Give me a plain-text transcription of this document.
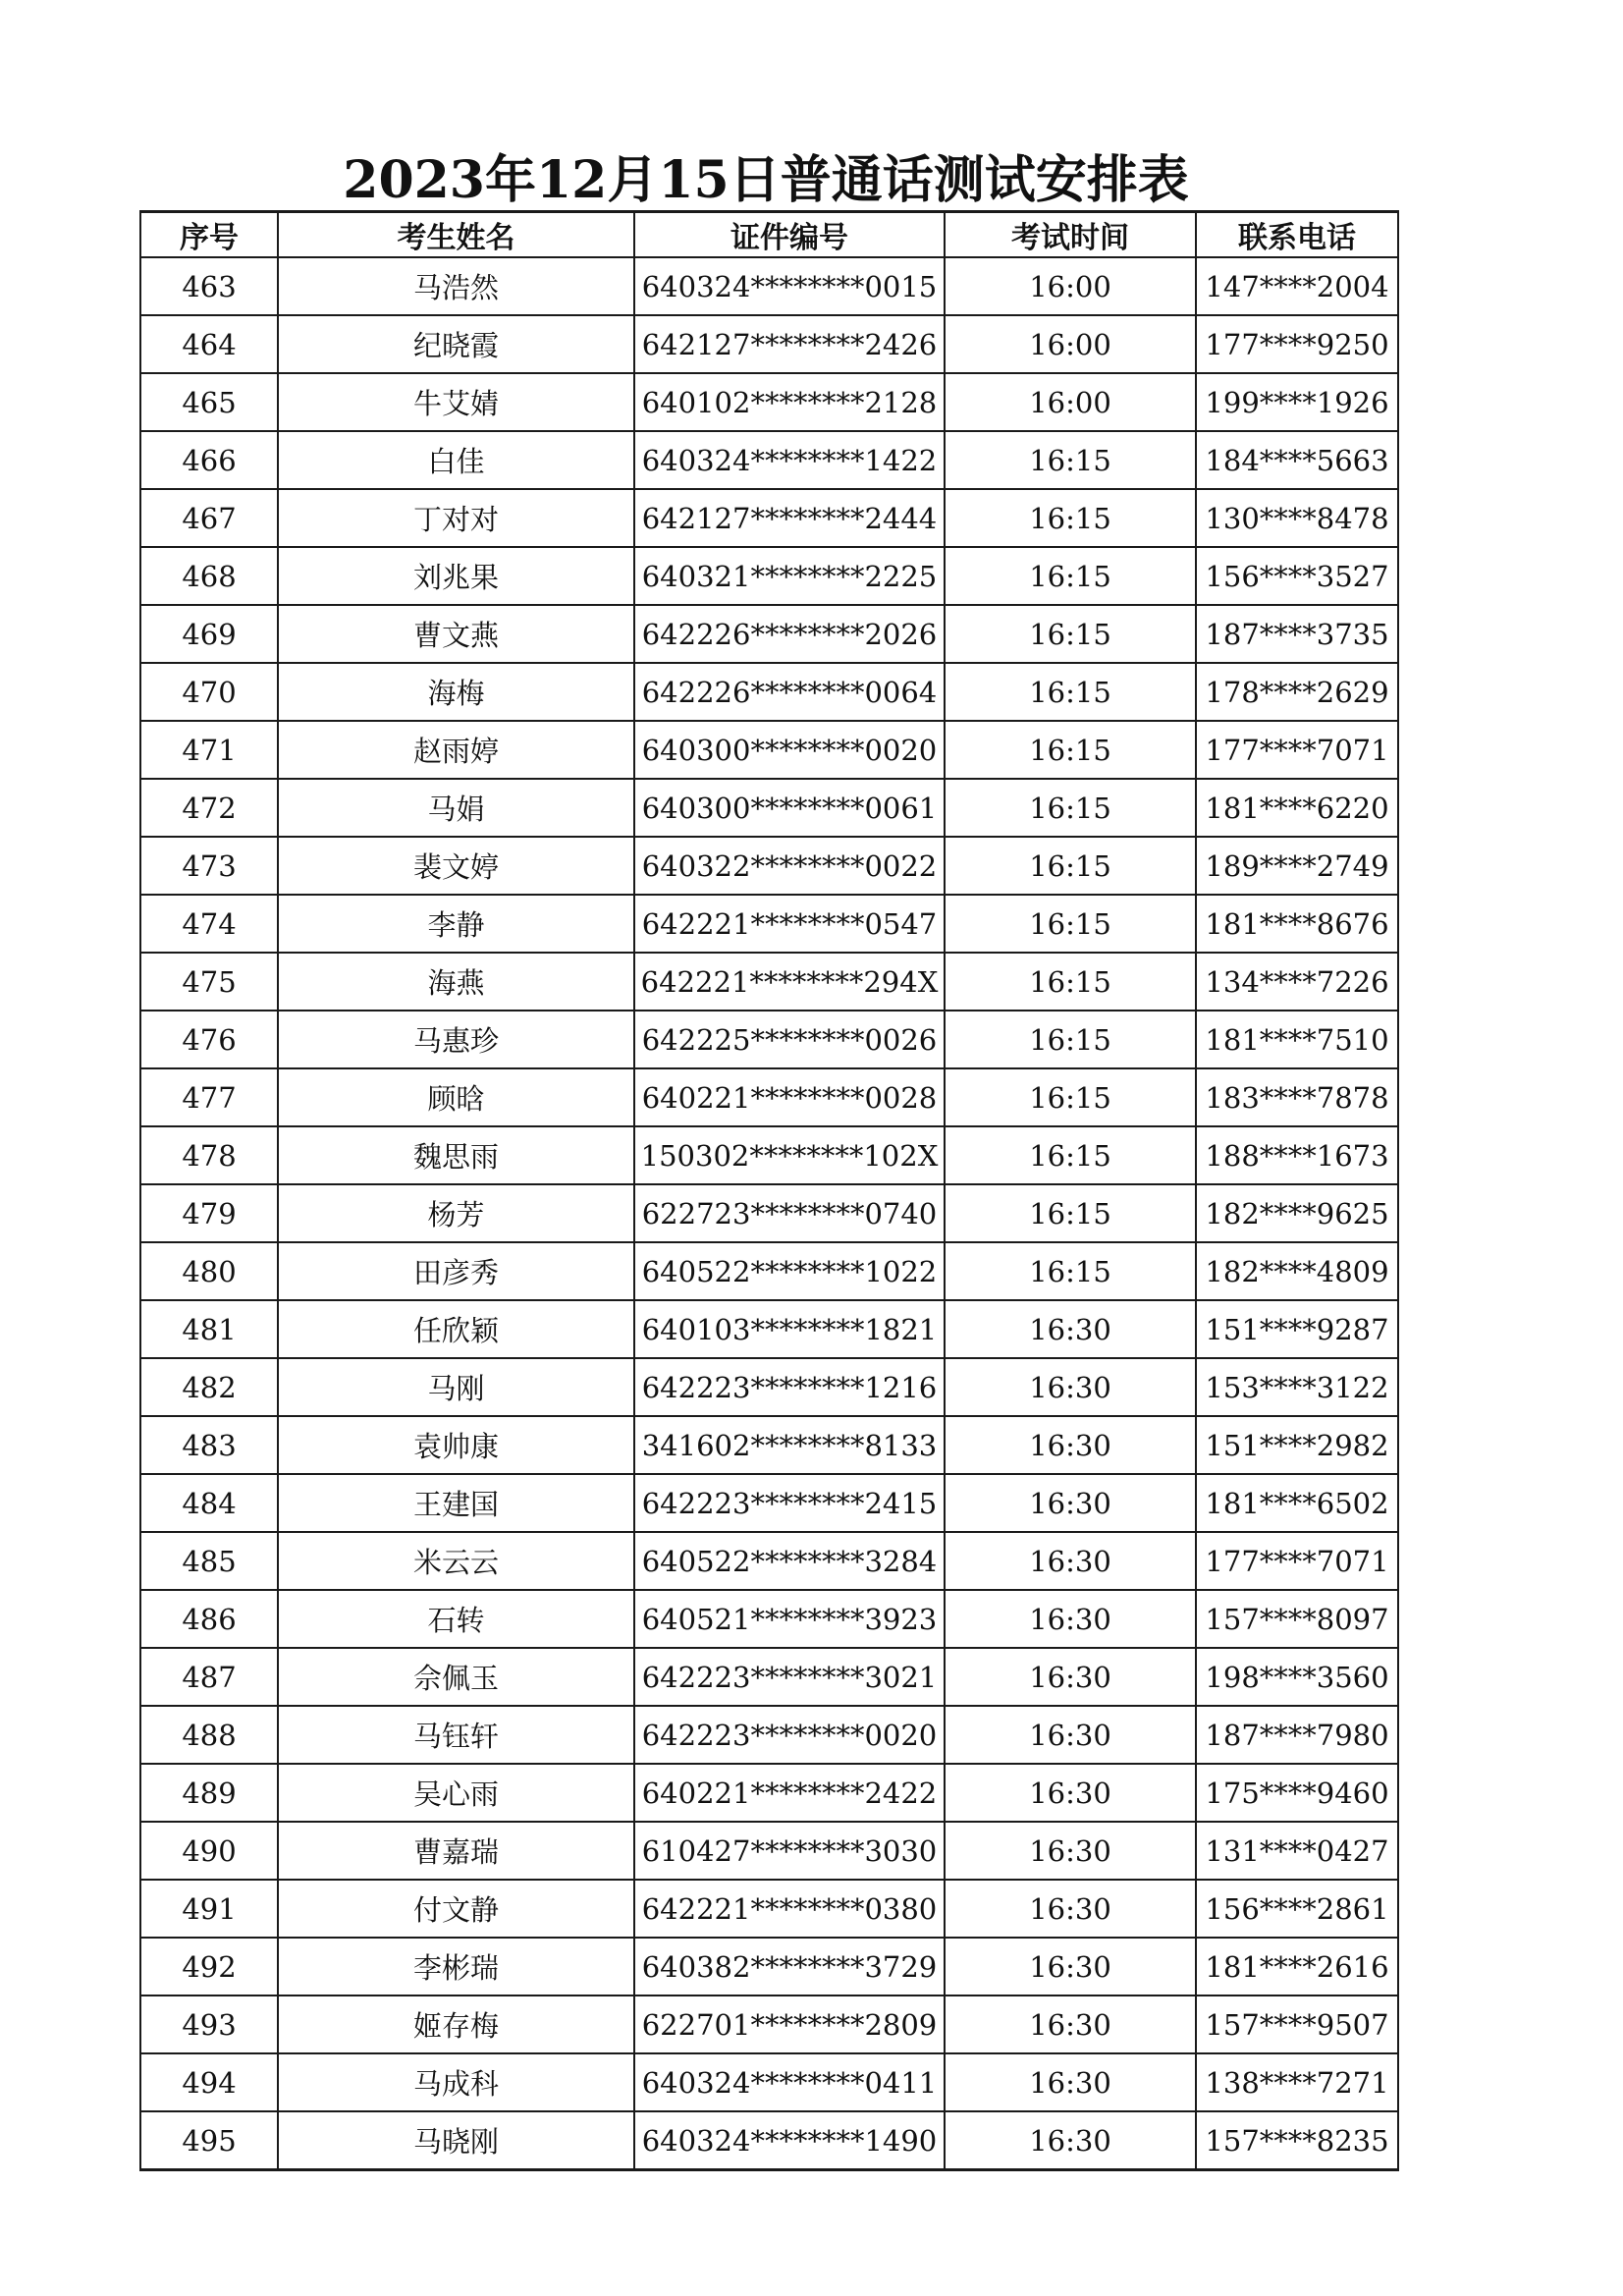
2023年12月15日普通话测试安排表
序号	考生姓名	证件编号	考试时间	联系电话
463	马浩然	640324********0015	16:00	147****2004
464	纪晓霞	642127********2426	16:00	177****9250
465	牛艾婧	640102********2128	16:00	199****1926
466	白佳	640324********1422	16:15	184****5663
467	丁对对	642127********2444	16:15	130****8478
468	刘兆果	640321********2225	16:15	156****3527
469	曹文燕	642226********2026	16:15	187****3735
470	海梅	642226********0064	16:15	178****2629
471	赵雨婷	640300********0020	16:15	177****7071
472	马娟	640300********0061	16:15	181****6220
473	裴文婷	640322********0022	16:15	189****2749
474	李静	642221********0547	16:15	181****8676
475	海燕	642221********294X	16:15	134****7226
476	马惠珍	642225********0026	16:15	181****7510
477	顾晗	640221********0028	16:15	183****7878
478	魏思雨	150302********102X	16:15	188****1673
479	杨芳	622723********0740	16:15	182****9625
480	田彦秀	640522********1022	16:15	182****4809
481	任欣颖	640103********1821	16:30	151****9287
482	马刚	642223********1216	16:30	153****3122
483	袁帅康	341602********8133	16:30	151****2982
484	王建国	642223********2415	16:30	181****6502
485	米云云	640522********3284	16:30	177****7071
486	石转	640521********3923	16:30	157****8097
487	佘佩玉	642223********3021	16:30	198****3560
488	马钰轩	642223********0020	16:30	187****7980
489	吴心雨	640221********2422	16:30	175****9460
490	曹嘉瑞	610427********3030	16:30	131****0427
491	付文静	642221********0380	16:30	156****2861
492	李彬瑞	640382********3729	16:30	181****2616
493	姬存梅	622701********2809	16:30	157****9507
494	马成科	640324********0411	16:30	138****7271
495	马晓刚	640324********1490	16:30	157****8235
